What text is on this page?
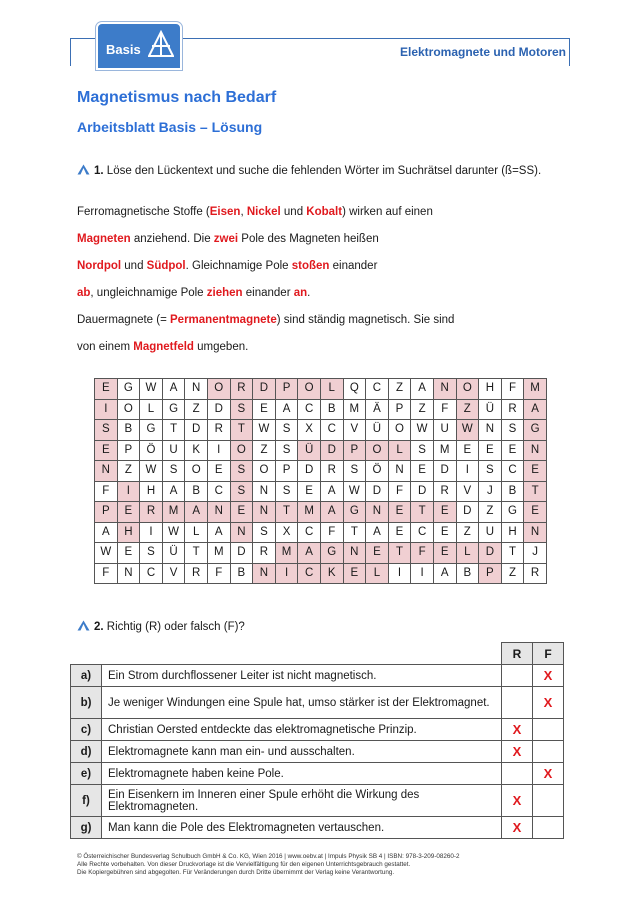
Basis	Elektromagnete und Motoren
Magnetismus nach Bedarf
Arbeitsblatt Basis – Lösung
1. Löse den Lückentext und suche die fehlenden Wörter im Suchrätsel darunter (ß=SS).
Ferromagnetische Stoffe (Eisen, Nickel und Kobalt) wirken auf einen
Magneten anziehend. Die zwei Pole des Magneten heißen
Nordpol und Südpol. Gleichnamige Pole stoßen einander
ab, ungleichnamige Pole ziehen einander an.
Dauermagnete (= Permanentmagnete) sind ständig magnetisch. Sie sind
von einem Magnetfeld umgeben.
E	G	W	A	N	O	R	D	P	O	L	Q	C	Z	A	N	O	H	F	M
I	O	L	G	Z	D	S	E	A	C	B	M	Ä	P	Z	F	Z	Ü	R	A
S	B	G	T	D	R	T	W	S	X	C	V	Ü	O	W	U	W	N	S	G
E	P	Ö	U	K	I	O	Z	S	Ü	D	P	O	L	S	M	E	E	E	N
N	Z	W	S	O	E	S	O	P	D	R	S	Ö	N	E	D	I	S	C	E
F	I	H	A	B	C	S	N	S	E	A	W	D	F	D	R	V	J	B	T
P	E	R	M	A	N	E	N	T	M	A	G	N	E	T	E	D	Z	G	E
A	H	I	W	L	A	N	S	X	C	F	T	A	E	C	E	Z	U	H	N
W	E	S	Ü	T	M	D	R	M	A	G	N	E	T	F	E	L	D	T	J
F	N	C	V	R	F	B	N	I	C	K	E	L	I	I	A	B	P	Z	R
2. Richtig (R) oder falsch (F)?
		R	F
a)	Ein Strom durchflossener Leiter ist nicht magnetisch.		X
b)	Je weniger Windungen eine Spule hat, umso stärker ist der Elektromagnet.		X
c)	Christian Oersted entdeckte das elektromagnetische Prinzip.	X	
d)	Elektromagnete kann man ein- und ausschalten.	X	
e)	Elektromagnete haben keine Pole.		X
f)	Ein Eisenkern im Inneren einer Spule erhöht die Wirkung des Elektromagneten.	X	
g)	Man kann die Pole des Elektromagneten vertauschen.	X	
© Österreichischer Bundesverlag Schulbuch GmbH & Co. KG, Wien 2016 | www.oebv.at | Impuls Physik SB 4 | ISBN: 978-3-209-08260-2
Alle Rechte vorbehalten. Von dieser Druckvorlage ist die Vervielfältigung für den eigenen Unterrichtsgebrauch gestattet.
Die Kopiergebühren sind abgegolten. Für Veränderungen durch Dritte übernimmt der Verlag keine Verantwortung.
